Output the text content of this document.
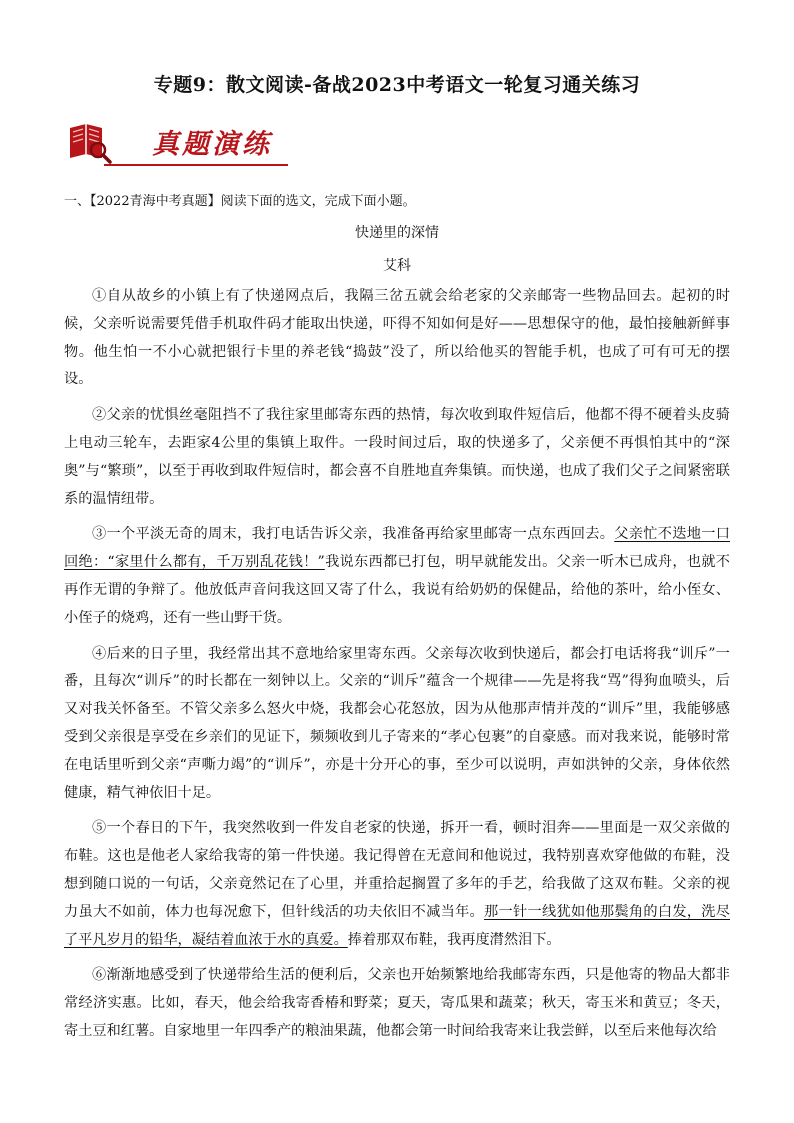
专题9：散文阅读-备战2023中考语文一轮复习通关练习
真题演练
一、【2022青海中考真题】阅读下面的选文，完成下面小题。
快递里的深情
艾科

①自从故乡的小镇上有了快递网点后，我隔三岔五就会给老家的父亲邮寄一些物品回去。起初的时候，父亲听说需要凭借手机取件码才能取出快递，吓得不知如何是好——思想保守的他，最怕接触新鲜事物。他生怕一不小心就把银行卡里的养老钱“捣鼓”没了，所以给他买的智能手机，也成了可有可无的摆设。

②父亲的忧惧丝毫阻挡不了我往家里邮寄东西的热情，每次收到取件短信后，他都不得不硬着头皮骑上电动三轮车，去距家4公里的集镇上取件。一段时间过后，取的快递多了，父亲便不再惧怕其中的“深奥”与“繁琐”，以至于再收到取件短信时，都会喜不自胜地直奔集镇。而快递，也成了我们父子之间紧密联系的温情纽带。

③一个平淡无奇的周末，我打电话告诉父亲，我准备再给家里邮寄一点东西回去。父亲忙不迭地一口回绝：“家里什么都有，千万别乱花钱！”我说东西都已打包，明早就能发出。父亲一听木已成舟，也就不再作无谓的争辩了。他放低声音问我这回又寄了什么，我说有给奶奶的保健品，给他的茶叶，给小侄女、小侄子的烧鸡，还有一些山野干货。

④后来的日子里，我经常出其不意地给家里寄东西。父亲每次收到快递后，都会打电话将我“训斥”一番，且每次“训斥”的时长都在一刻钟以上。父亲的“训斥”蕴含一个规律——先是将我“骂”得狗血喷头，后又对我关怀备至。不管父亲多么怒火中烧，我都会心花怒放，因为从他那声情并茂的“训斥”里，我能够感受到父亲很是享受在乡亲们的见证下，频频收到儿子寄来的“孝心包裹”的自豪感。而对我来说，能够时常在电话里听到父亲“声嘶力竭”的“训斥”，亦是十分开心的事，至少可以说明，声如洪钟的父亲，身体依然健康，精气神依旧十足。

⑤一个春日的下午，我突然收到一件发自老家的快递，拆开一看，顿时泪奔——里面是一双父亲做的布鞋。这也是他老人家给我寄的第一件快递。我记得曾在无意间和他说过，我特别喜欢穿他做的布鞋，没想到随口说的一句话，父亲竟然记在了心里，并重拾起搁置了多年的手艺，给我做了这双布鞋。父亲的视力虽大不如前，体力也每况愈下，但针线活的功夫依旧不减当年。那一针一线犹如他那鬓角的白发，洗尽了平凡岁月的铅华，凝结着血浓于水的真爱。捧着那双布鞋，我再度潸然泪下。

⑥渐渐地感受到了快递带给生活的便利后，父亲也开始频繁地给我邮寄东西，只是他寄的物品大都非常经济实惠。比如，春天，他会给我寄香椿和野菜；夏天，寄瓜果和蔬菜；秋天，寄玉米和黄豆；冬天，寄土豆和红薯。自家地里一年四季产的粮油果蔬，他都会第一时间给我寄来让我尝鲜，以至后来他每次给
